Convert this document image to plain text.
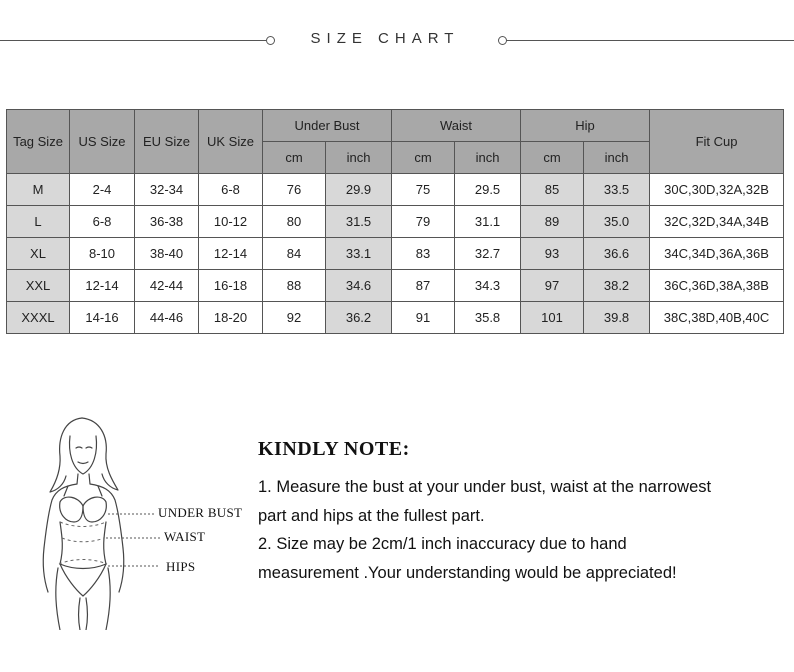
SIZE CHART
Tag Size	US Size	EU Size	UK Size	Under Bust		Waist		Hip		Fit Cup
				cm	inch	cm	inch	cm	inch	
M	2-4	32-34	6-8	76	29.9	75	29.5	85	33.5	30C,30D,32A,32B
L	6-8	36-38	10-12	80	31.5	79	31.1	89	35.0	32C,32D,34A,34B
XL	8-10	38-40	12-14	84	33.1	83	32.7	93	36.6	34C,34D,36A,36B
XXL	12-14	42-44	16-18	88	34.6	87	34.3	97	38.2	36C,36D,38A,38B
XXXL	14-16	44-46	18-20	92	36.2	91	35.8	101	39.8	38C,38D,40B,40C
UNDER BUST
WAIST
HIPS
KINDLY NOTE:

1. Measure the bust at your under bust, waist at the narrowest

part and hips at the fullest part.

2. Size may be 2cm/1 inch inaccuracy due to hand

measurement .Your understanding would be appreciated!
